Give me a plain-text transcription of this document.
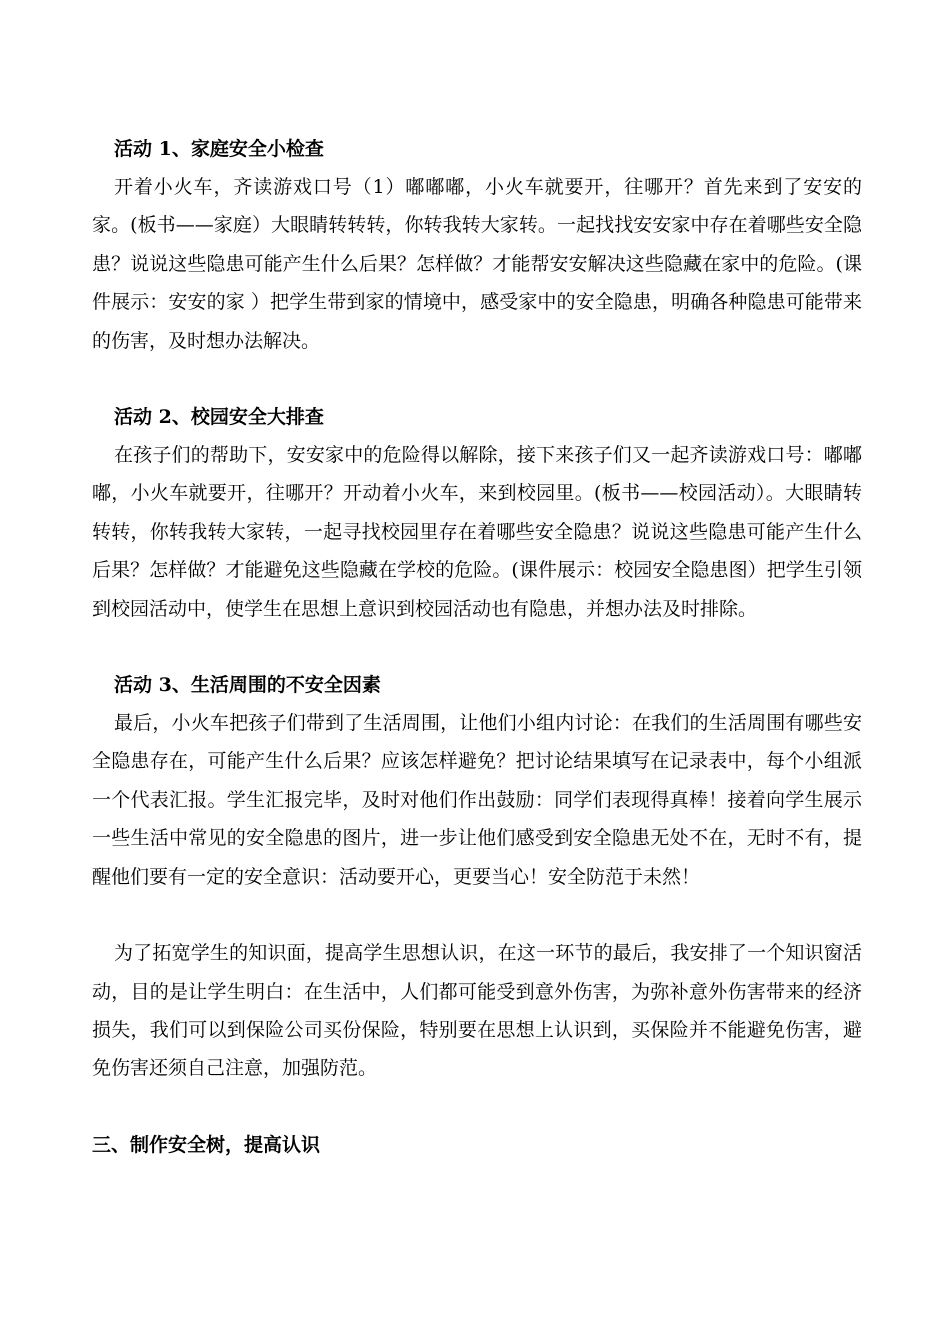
活动 1、家庭安全小检查

开着小火车，齐读游戏口号（1）嘟嘟嘟，小火车就要开，往哪开？首先来到了安安的家。(板书——家庭）大眼睛转转转，你转我转大家转。一起找找安安家中存在着哪些安全隐患？说说这些隐患可能产生什么后果？怎样做？才能帮安安解决这些隐藏在家中的危险。(课件展示：安安的家 ）把学生带到家的情境中，感受家中的安全隐患，明确各种隐患可能带来的伤害，及时想办法解决。

活动 2、校园安全大排查

在孩子们的帮助下，安安家中的危险得以解除，接下来孩子们又一起齐读游戏口号：嘟嘟嘟，小火车就要开，往哪开？开动着小火车，来到校园里。(板书——校园活动）。大眼睛转转转，你转我转大家转，一起寻找校园里存在着哪些安全隐患？说说这些隐患可能产生什么后果？怎样做？才能避免这些隐藏在学校的危险。(课件展示：校园安全隐患图）把学生引领到校园活动中，使学生在思想上意识到校园活动也有隐患，并想办法及时排除。

活动 3、生活周围的不安全因素

最后，小火车把孩子们带到了生活周围，让他们小组内讨论：在我们的生活周围有哪些安全隐患存在，可能产生什么后果？应该怎样避免？把讨论结果填写在记录表中，每个小组派一个代表汇报。学生汇报完毕，及时对他们作出鼓励：同学们表现得真棒！接着向学生展示一些生活中常见的安全隐患的图片，进一步让他们感受到安全隐患无处不在，无时不有，提醒他们要有一定的安全意识：活动要开心，更要当心！安全防范于未然！

为了拓宽学生的知识面，提高学生思想认识，在这一环节的最后，我安排了一个知识窗活动，目的是让学生明白：在生活中，人们都可能受到意外伤害，为弥补意外伤害带来的经济损失，我们可以到保险公司买份保险，特别要在思想上认识到，买保险并不能避免伤害，避免伤害还须自己注意，加强防范。

三、制作安全树，提高认识
